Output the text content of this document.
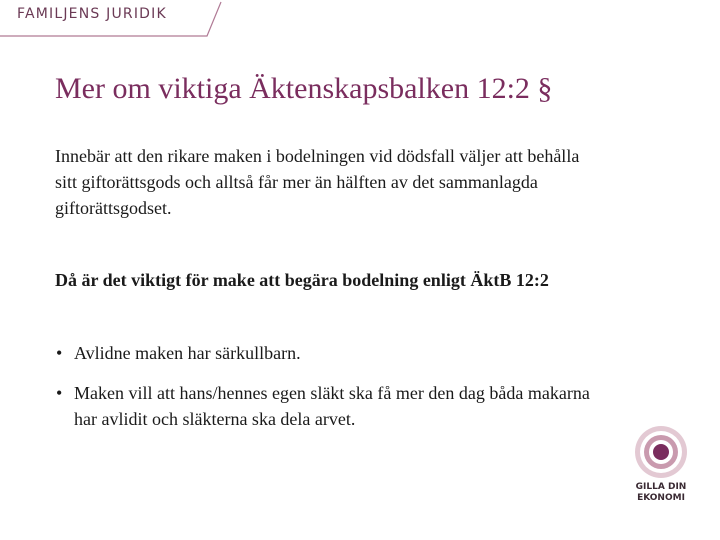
FAMILJENS JURIDIK
Mer om viktiga Äktenskapsbalken 12:2 §

Innebär att den rikare maken i bodelningen vid dödsfall väljer att behålla sitt giftorättsgods och alltså får mer än hälften av det sammanlagda giftorättsgodset.

Då är det viktigt för make att begära bodelning enligt ÄktB 12:2

• Avlidne maken har särkullbarn.
• Maken vill att hans/hennes egen släkt ska få mer den dag båda makarna har avlidit och släkterna ska dela arvet.
GILLA DIN
EKONOMI
